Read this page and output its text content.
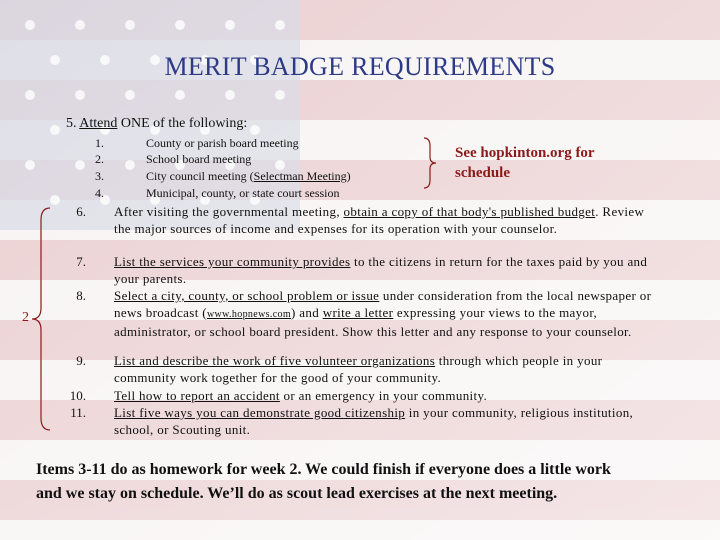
MERIT BADGE REQUIREMENTS
5. Attend ONE of the following:
1.	County or parish board meeting
2.	School board meeting
3.	City council meeting (Selectman Meeting)
4.	Municipal, county, or state court session
See hopkinton.org for
schedule
2
6. After visiting the governmental meeting, obtain a copy of that body's published budget. Review the major sources of income and expenses for its operation with your counselor.
7. List the services your community provides to the citizens in return for the taxes paid by you and your parents.
8. Select a city, county, or school problem or issue under consideration from the local newspaper or news broadcast (www.hopnews.com) and write a letter expressing your views to the mayor, administrator, or school board president. Show this letter and any response to your counselor.
9. List and describe the work of five volunteer organizations through which people in your community work together for the good of your community.
10. Tell how to report an accident or an emergency in your community.
11. List five ways you can demonstrate good citizenship in your community, religious institution, school, or Scouting unit.
Items 3-11 do as homework for week 2. We could finish if everyone does a little work and we stay on schedule. We’ll do as scout lead exercises at the next meeting.
